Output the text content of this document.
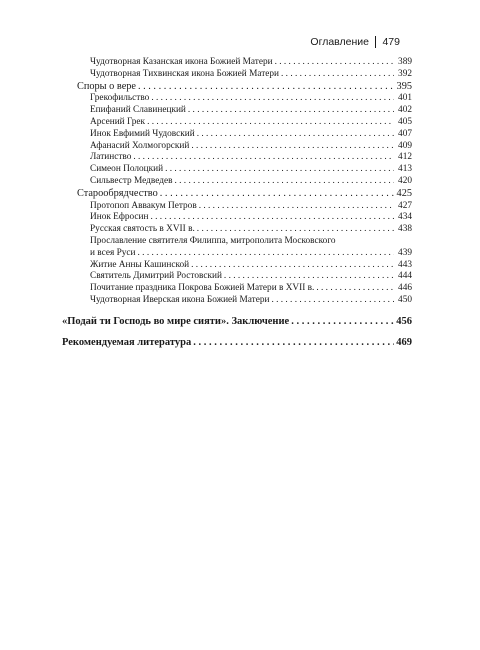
Оглавление 479
Чудотворная Казанская икона Божией Матери . . .	389
Чудотворная Тихвинская икона Божией Матери . . .	392
Споры о вере . . .	395
Грекофильство . . .	401
Епифаний Славинецкий . . .	402
Арсений Грек . . .	405
Инок Евфимий Чудовский . . .	407
Афанасий Холмогорский . . .	409
Латинство . . .	412
Симеон Полоцкий . . .	413
Сильвестр Медведев . . .	420
Старообрядчество . . .	425
Протопоп Аввакум Петров . . .	427
Инок Ефросин . . .	434
Русская святость в XVII в. . . .	438
Прославление святителя Филиппа, митрополита Московского
и всея Руси . . .	439
Житие Анны Кашинской . . .	443
Святитель Димитрий Ростовский . . .	444
Почитание праздника Покрова Божией Матери в XVII в. . . .	446
Чудотворная Иверская икона Божией Матери . . .	450
«Подай ти Господь во мире сияти». Заключение . . .	456
Рекомендуемая литература . . .	469
